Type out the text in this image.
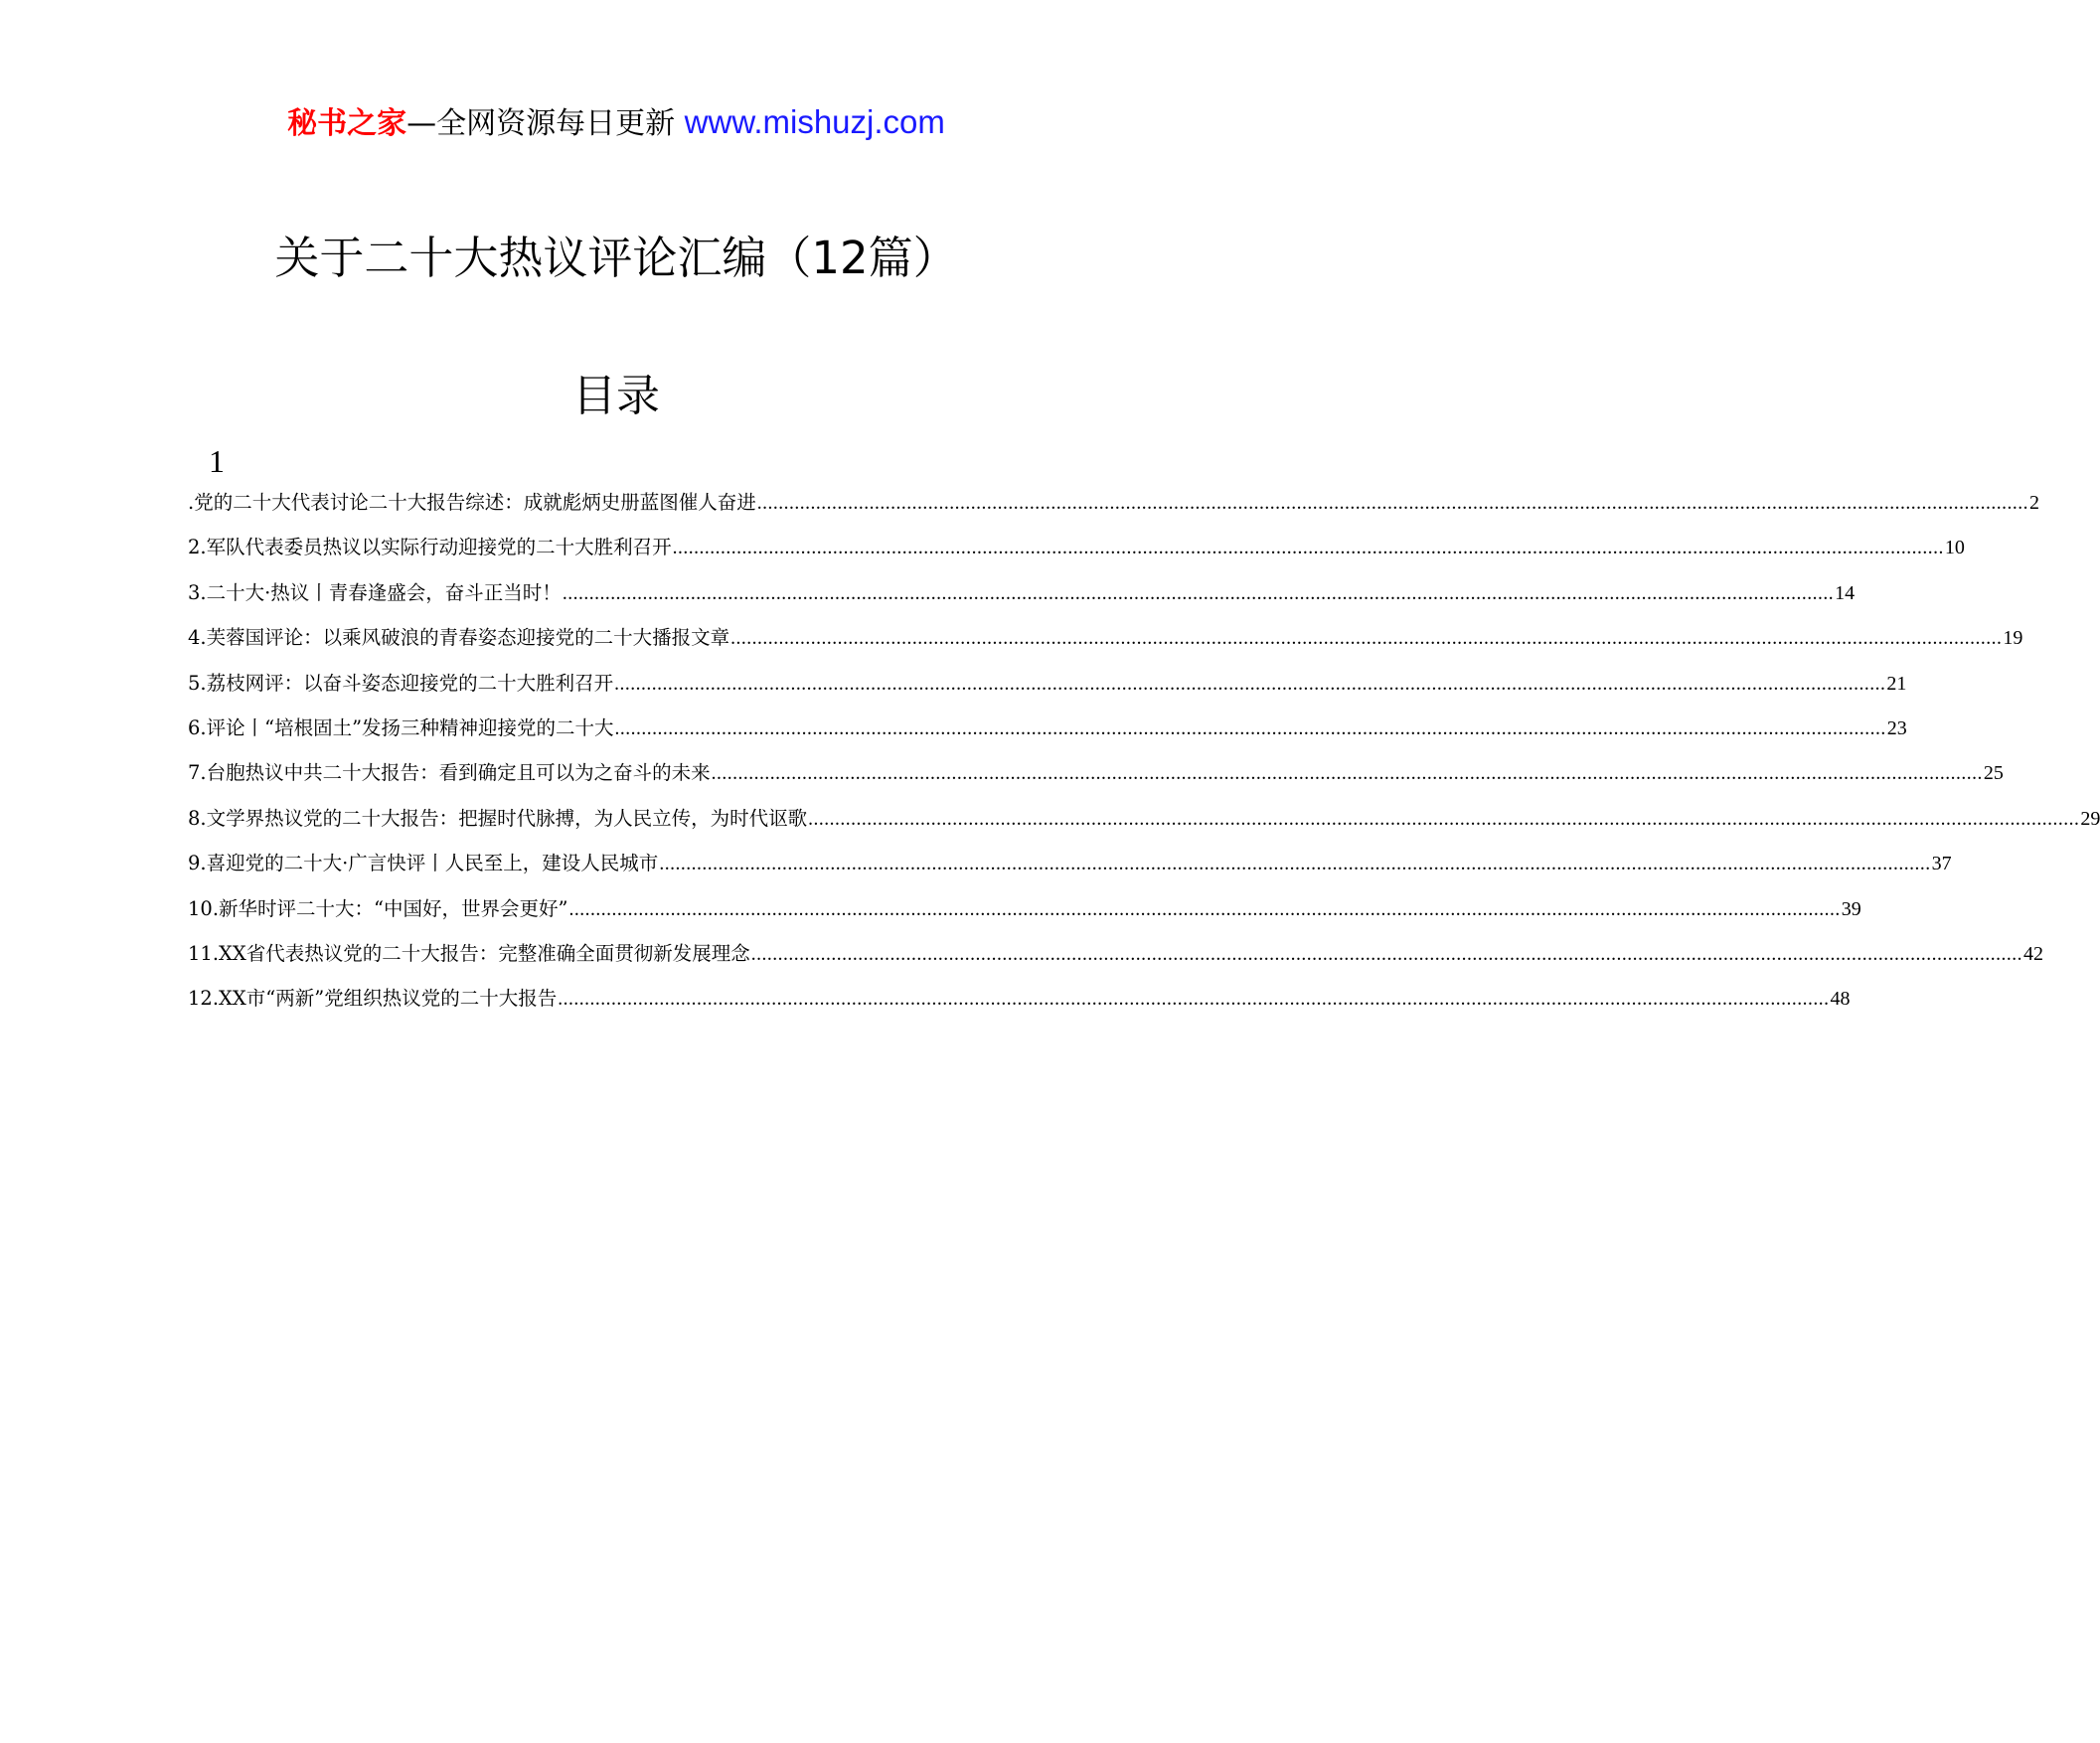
秘书之家—全网资源每日更新 www.mishuzj.com
关于二十大热议评论汇编（12篇）
目录
1
.党的二十大代表讨论二十大报告综述：成就彪炳史册蓝图催人奋进 .....	2
2.军队代表委员热议以实际行动迎接党的二十大胜利召开 .....	10
3.二十大·热议丨青春逢盛会，奋斗正当时！ .....	14
4.芙蓉国评论：以乘风破浪的青春姿态迎接党的二十大播报文章 .....	19
5.荔枝网评：以奋斗姿态迎接党的二十大胜利召开 .....	21
6.评论丨“培根固土”发扬三种精神迎接党的二十大 .....	23
7.台胞热议中共二十大报告：看到确定且可以为之奋斗的未来 .....	25
8.文学界热议党的二十大报告：把握时代脉搏，为人民立传，为时代讴歌 .....	29
9.喜迎党的二十大·广言快评丨人民至上，建设人民城市 .....	37
10.新华时评二十大：“中国好，世界会更好” .....	39
11.XX省代表热议党的二十大报告：完整准确全面贯彻新发展理念 .....	42
12.XX市“两新”党组织热议党的二十大报告 .....	48
